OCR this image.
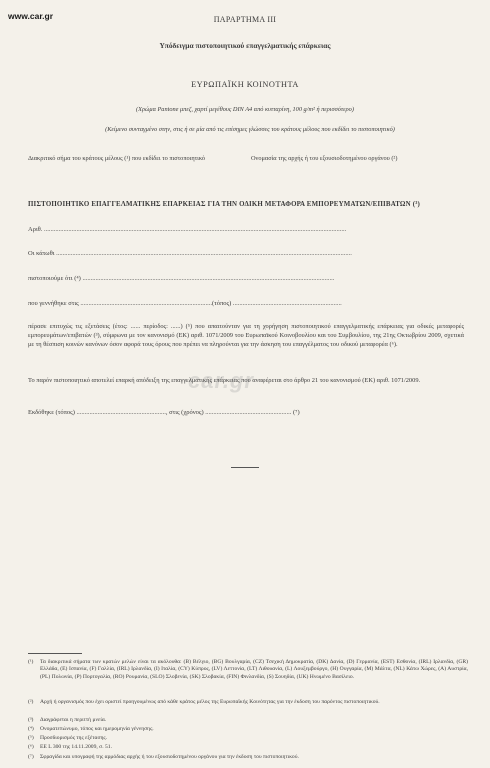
www.car.gr
car.gr
ΠΑΡΑΡΤΗΜΑ III
Υπόδειγμα πιστοποιητικού επαγγελματικής επάρκειας
ΕΥΡΩΠΑΪΚΗ ΚΟΙΝΟΤΗΤΑ
(Χρώμα Pantone μπεζ, χαρτί μεγέθους DIN A4 από κυτταρίνη, 100 g/m² ή περισσότερο)
(Κείμενο συνταγμένο στην, στις ή σε μία από τις επίσημες γλώσσες του κράτους μέλους που εκδίδει το πιστοποιητικό)
Διακριτικό σήμα του κράτους μέλους (¹) που εκδίδει το πιστοποιητικό	Ονομασία της αρχής ή του εξουσιοδοτημένου οργάνου (²)
ΠΙΣΤΟΠΟΙΗΤΙΚΟ ΕΠΑΓΓΕΛΜΑΤΙΚΗΣ ΕΠΑΡΚΕΙΑΣ ΓΙΑ ΤΗΝ ΟΔΙΚΗ ΜΕΤΑΦΟΡΑ ΕΜΠΟΡΕΥΜΑΤΩΝ/ΕΠΙΒΑΤΩΝ (³)
Αριθ. ..........................................................................................................................................................................................
Οι κάτωθι ......................................................................................................................................................................................
πιστοποιούμε ότι (⁴) ...........................................................................................................................................................
που γεννήθηκε στις .................................................................................(τόπος) ...................................................................
πέρασε επιτυχώς τις εξετάσεις (έτος: ...... περίοδος: ......) (⁵) που απαιτούνταν για τη χορήγηση πιστοποιητικού επαγγελματικής επάρκειας για οδικές μεταφορές εμπορευμάτων/επιβατών (³), σύμφωνα με τον κανονισμό (ΕΚ) αριθ. 1071/2009 του Ευρωπαϊκού Κοινοβουλίου και του Συμβουλίου, της 21ης Οκτωβρίου 2009, σχετικά με τη θέσπιση κοινών κανόνων όσον αφορά τους όρους που πρέπει να πληρούνται για την άσκηση του επαγγέλματος του οδικού μεταφορέα (⁶).
Το παρόν πιστοποιητικό αποτελεί επαρκή απόδειξη της επαγγελματικής επάρκειας που αναφέρεται στο άρθρο 21 του κανονισμού (ΕΚ) αριθ. 1071/2009.
Εκδόθηκε (τόπος) ......................................................., στις (χρόνος) ..................................................... (⁷)
(¹) Τα διακριτικά σήματα των κρατών μελών είναι τα ακόλουθα: (B) Βέλγιο, (BG) Βουλγαρία, (CZ) Τσεχική Δημοκρατία, (DK) Δανία, (D) Γερμανία, (EST) Εσθονία, (IRL) Ιρλανδία, (GR) Ελλάδα, (E) Ισπανία, (F) Γαλλία, (IRL) Ιρλανδία, (I) Ιταλία, (CY) Κύπρος, (LV) Λεττονία, (LT) Λιθουανία, (L) Λουξεμβούργο, (H) Ουγγαρία, (M) Μάλτα, (NL) Κάτω Χώρες, (A) Αυστρία, (PL) Πολωνία, (P) Πορτογαλία, (RO) Ρουμανία, (SLO) Σλοβενία, (SK) Σλοβακία, (FIN) Φινλανδία, (S) Σουηδία, (UK) Ηνωμένο Βασίλειο.
(²) Αρχή ή οργανισμός που έχει οριστεί προηγουμένως από κάθε κράτος μέλος της Ευρωπαϊκής Κοινότητας για την έκδοση του παρόντος πιστοποιητικού.
(³) Διαγράφεται η περιττή μνεία.
(⁴) Ονοματεπώνυμο, τόπος και ημερομηνία γέννησης.
(⁵) Προσδιορισμός της εξέτασης.
(⁶) ΕΕ L 300 της 14.11.2009, σ. 51.
(⁷) Σφραγίδα και υπογραφή της αρμόδιας αρχής ή του εξουσιοδοτημένου οργάνου για την έκδοση του πιστοποιητικού.
